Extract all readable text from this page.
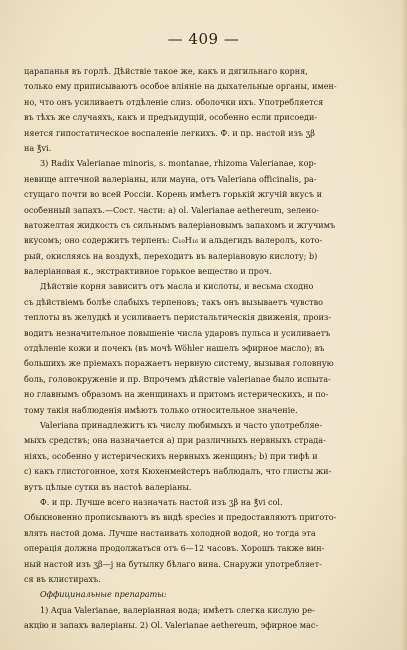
— 409 —
царапанья въ горлѣ. Дѣйствіе такое же, какъ и дягильнаго корня,
только ему приписываютъ особое вліяніе на дыхательные органы, имен-
но, что онъ усиливаетъ отдѣленіе слиз. оболочки ихъ. Употребляется
въ тѣхъ же случаяхъ, какъ и предъидущій, особенно если присоеди-
няется гипостатическое воспаленіе легкихъ. Ф. и пр. настой изъ ʒβ
на ℥vi.
3) Radix Valerianae minoris, s. montanae, rhizoma Valerianae, кор-
невище аптечной валеріаны, или мауна, отъ Valeriana officinalis, ра-
стущаго почти во всей Россіи. Корень имѣетъ горькій жгучій вкусъ и
особенный запахъ.—Сост. части: a) ol. Valerianae aethereum, зелено-
ватожелтая жидкость съ сильнымъ валеріановымъ запахомъ и жгучимъ
вкусомъ; оно содержитъ терпенъ: C₁₀H₁₆ и альдегидъ валеролъ, кото-
рый, окисляясь на воздухѣ, переходитъ въ валеріановую кислоту; b)
валеріановая к., экстрактивное горькое вещество и проч.
Дѣйствіе корня зависитъ отъ масла и кислоты, и весьма сходно
съ дѣйствіемъ болѣе слабыхъ терпеновъ; такъ онъ вызываетъ чувство
теплоты въ желудкѣ и усиливаетъ перистальтическія движенія, произ-
водитъ незначительное повышеніе числа ударовъ пульса и усиливаетъ
отдѣленіе кожи и почекъ (въ мочѣ Wöhler нашелъ эфирное масло); въ
большихъ же пріемахъ поражаетъ нервную систему, вызывая головную
боль, головокруженіе и пр. Впрочемъ дѣйствіе valerianae было испыта-
но главнымъ образомъ на женщинахъ и притомъ истерическихъ, и по-
тому такія наблюденія имѣютъ только относительное значеніе.
Valeriana принадлежитъ къ числу любимыхъ и часто употребляе-
мыхъ средствъ; она назначается a) при различныхъ нервныхъ страда-
ніяхъ, особенно у истерическихъ нервныхъ женщинъ; b) при тифѣ и
c) какъ глистогонное, хотя Кюхенмейстеръ наблюдалъ, что глисты жи-
вутъ цѣлые сутки въ настоѣ валеріаны.
Ф. и пр. Лучше всего назначать настой изъ ʒβ на ℥vi col.
Обыкновенно прописываютъ въ видѣ species и предоставляютъ пригото-
влять настой дома. Лучше настаивать холодной водой, но тогда эта
операція должна продолжаться отъ 6—12 часовъ. Хорошъ также вин-
ный настой изъ ʒβ—j на бутылку бѣлаго вина. Снаружи употребляет-
ся въ клистирахъ.
Оффицинальные препараты:
1) Aqua Valerianae, валеріанная вода; имѣетъ слегка кислую ре-
акцію и запахъ валеріаны. 2) Ol. Valerianae aethereum, эфирное мас-
